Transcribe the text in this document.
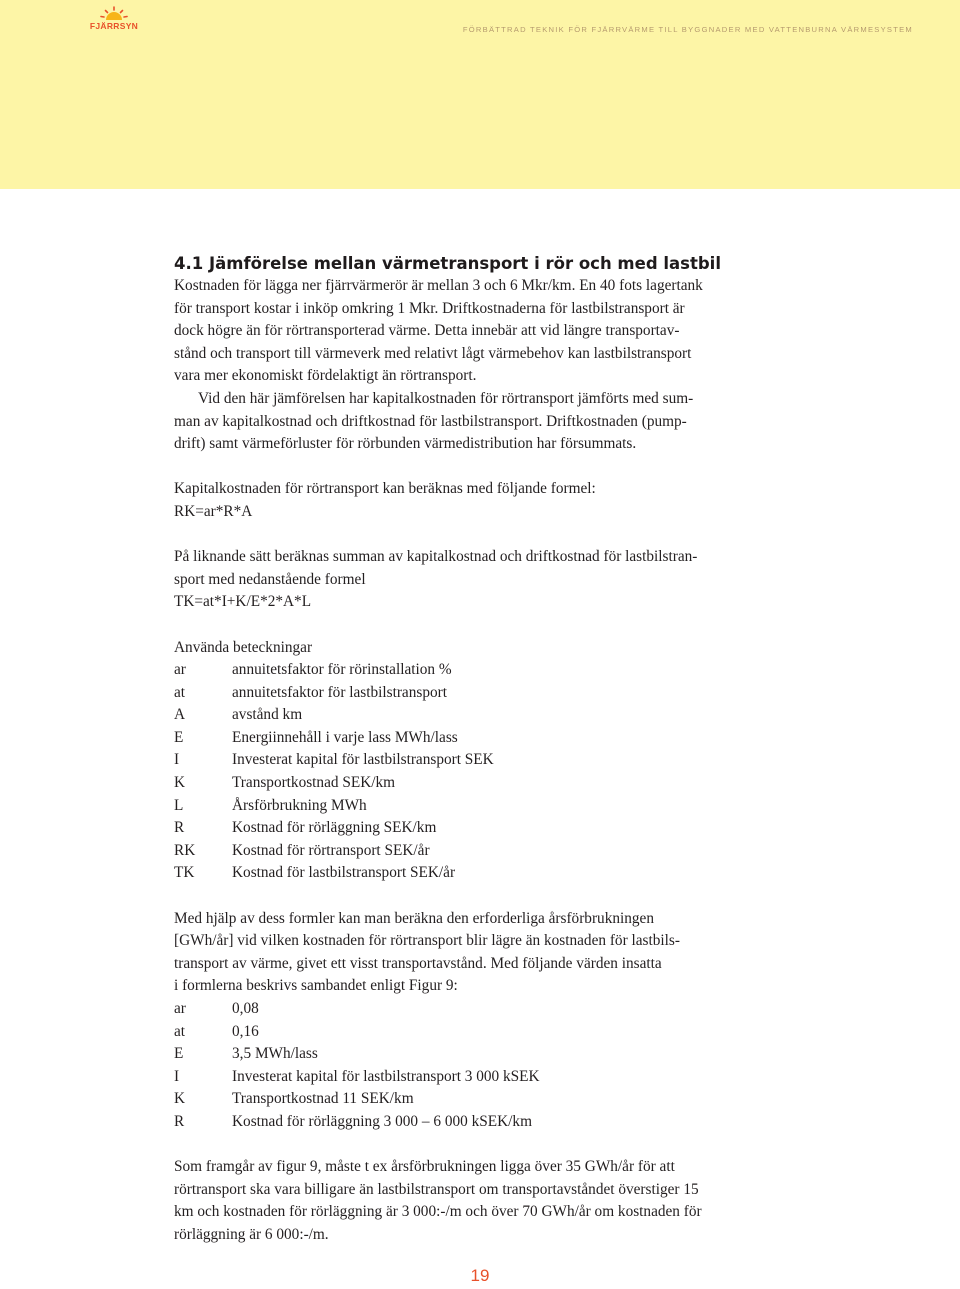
FJÄRRSYN	FÖRBÄTTRAD TEKNIK FÖR FJÄRRVÄRME TILL BYGGNADER MED VATTENBURNA VÄRMESYSTEM
4.1 Jämförelse mellan värmetransport i rör och med lastbil

Kostnaden för lägga ner fjärrvärmerör är mellan 3 och 6 Mkr/km. En 40 fots lagertank

för transport kostar i inköp omkring 1 Mkr. Driftkostnaderna för lastbilstransport är

dock högre än för rörtransporterad värme. Detta innebär att vid längre transportav-

stånd och transport till värmeverk med relativt lågt värmebehov kan lastbilstransport

vara mer ekonomiskt fördelaktigt än rörtransport.

Vid den här jämförelsen har kapitalkostnaden för rörtransport jämförts med sum-

man av kapitalkostnad och driftkostnad för lastbilstransport. Driftkostnaden (pump-

drift) samt värmeförluster för rörbunden värmedistribution har försummats.

Kapitalkostnaden för rörtransport kan beräknas med följande formel:

RK=ar*R*A

På liknande sätt beräknas summan av kapitalkostnad och driftkostnad för lastbilstran-

sport med nedanstående formel

TK=at*I+K/E*2*A*L

Använda beteckningar

ar	annuitetsfaktor för rörinstallation %
at	annuitetsfaktor för lastbilstransport
A	avstånd km
E	Energiinnehåll i varje lass MWh/lass
I	Investerat kapital för lastbilstransport SEK
K	Transportkostnad SEK/km
L	Årsförbrukning MWh
R	Kostnad för rörläggning SEK/km
RK	Kostnad för rörtransport SEK/år
TK	Kostnad för lastbilstransport SEK/år

Med hjälp av dess formler kan man beräkna den erforderliga årsförbrukningen

[GWh/år] vid vilken kostnaden för rörtransport blir lägre än kostnaden för lastbils-

transport av värme, givet ett visst transportavstånd. Med följande värden insatta

i formlerna beskrivs sambandet enligt Figur 9:

ar	0,08
at	0,16
E	3,5 MWh/lass
I	Investerat kapital för lastbilstransport 3 000 kSEK
K	Transportkostnad 11 SEK/km
R	Kostnad för rörläggning 3 000 – 6 000 kSEK/km

Som framgår av figur 9, måste t ex årsförbrukningen ligga över 35 GWh/år för att

rörtransport ska vara billigare än lastbilstransport om transportavståndet överstiger 15

km och kostnaden för rörläggning är 3 000:-/m och över 70 GWh/år om kostnaden för

rörläggning är 6 000:-/m.

19
